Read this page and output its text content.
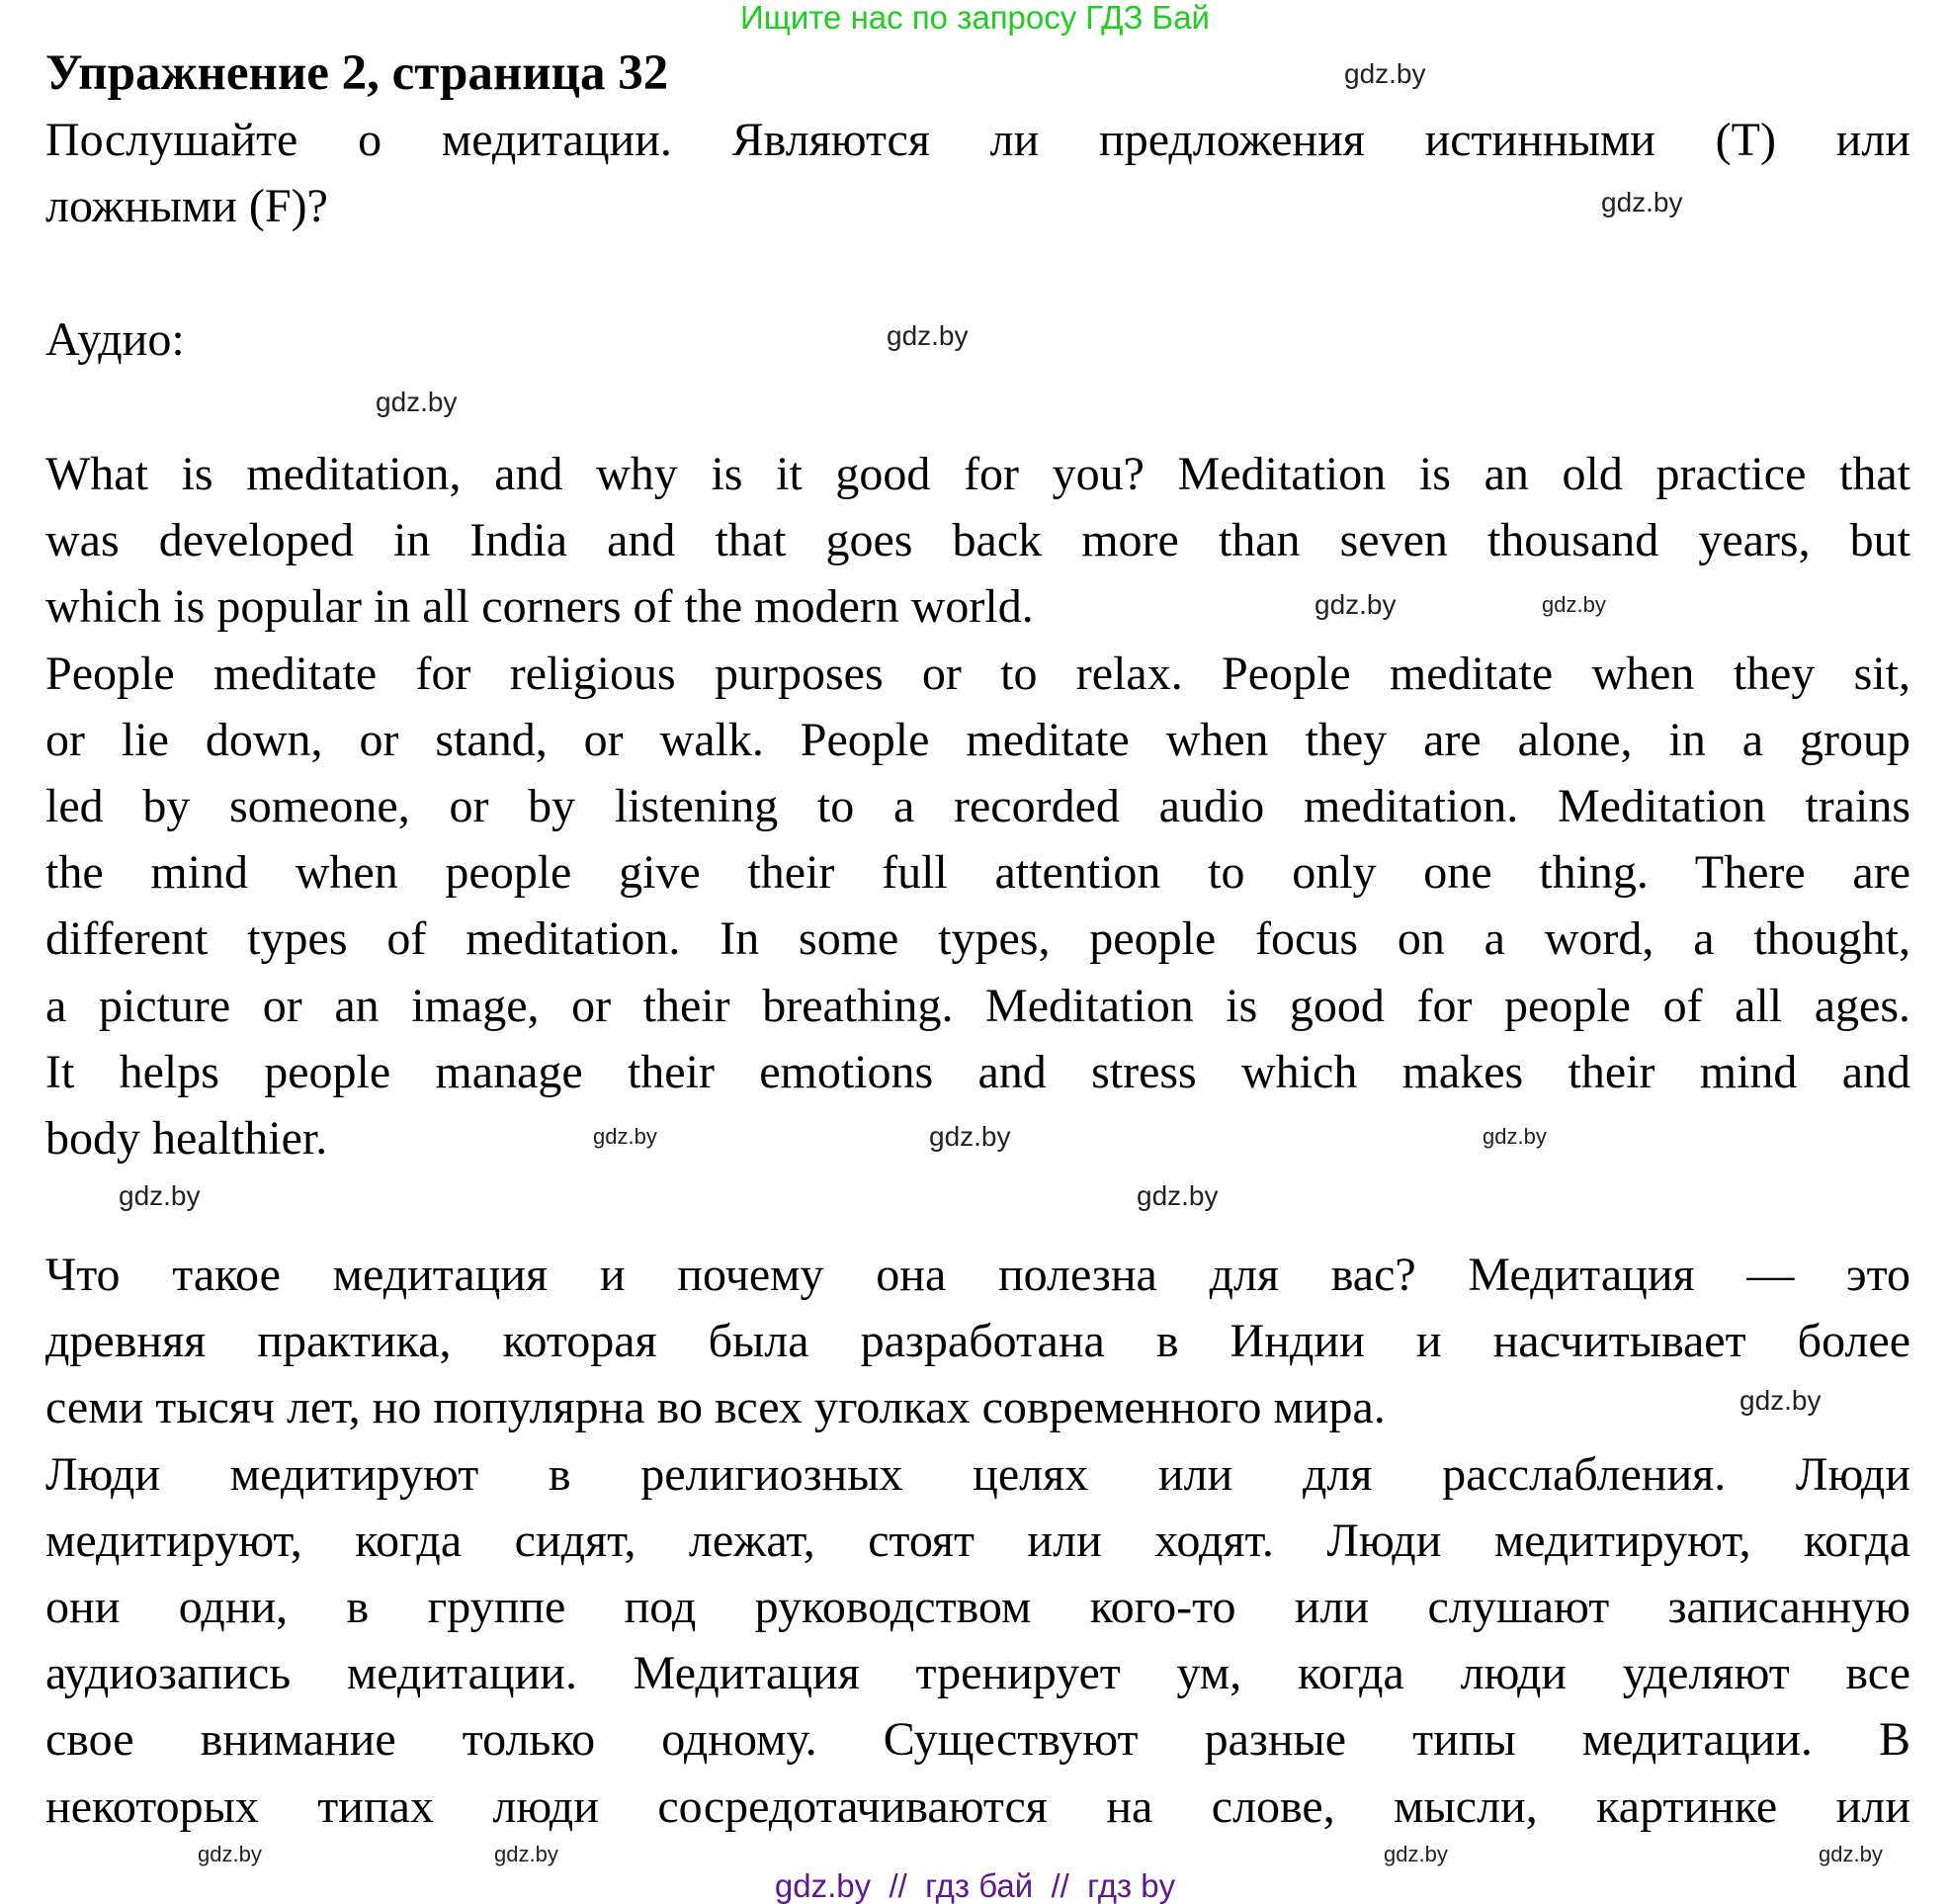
Ищите нас по запросу ГДЗ Бай
Упражнение 2, страница 32
Послушайте о медитации. Являются ли предложения истинными (T) или
ложными (F)?
Аудио:
What is meditation, and why is it good for you? Meditation is an old practice that
was developed in India and that goes back more than seven thousand years, but
which is popular in all corners of the modern world.
People meditate for religious purposes or to relax. People meditate when they sit,
or lie down, or stand, or walk. People meditate when they are alone, in a group
led by someone, or by listening to a recorded audio meditation. Meditation trains
the mind when people give their full attention to only one thing. There are
different types of meditation. In some types, people focus on a word, a thought,
a picture or an image, or their breathing. Meditation is good for people of all ages.
It helps people manage their emotions and stress which makes their mind and
body healthier.
Что такое медитация и почему она полезна для вас? Медитация — это
древняя практика, которая была разработана в Индии и насчитывает более
семи тысяч лет, но популярна во всех уголках современного мира.
Люди медитируют в религиозных целях или для расслабления. Люди
медитируют, когда сидят, лежат, стоят или ходят. Люди медитируют, когда
они одни, в группе под руководством кого-то или слушают записанную
аудиозапись медитации. Медитация тренирует ум, когда люди уделяют все
свое внимание только одному. Существуют разные типы медитации. В
некоторых типах люди сосредотачиваются на слове, мысли, картинке или
gdz.by
gdz.by
gdz.by
gdz.by
gdz.by
gdz.by
gdz.by	gdz.by	gdz.by
gdz.by
gdz.by
gdz.by
gdz.by	gdz.by	gdz.by	gdz.by
gdz.by  //  гдз бай  //  гдз by
